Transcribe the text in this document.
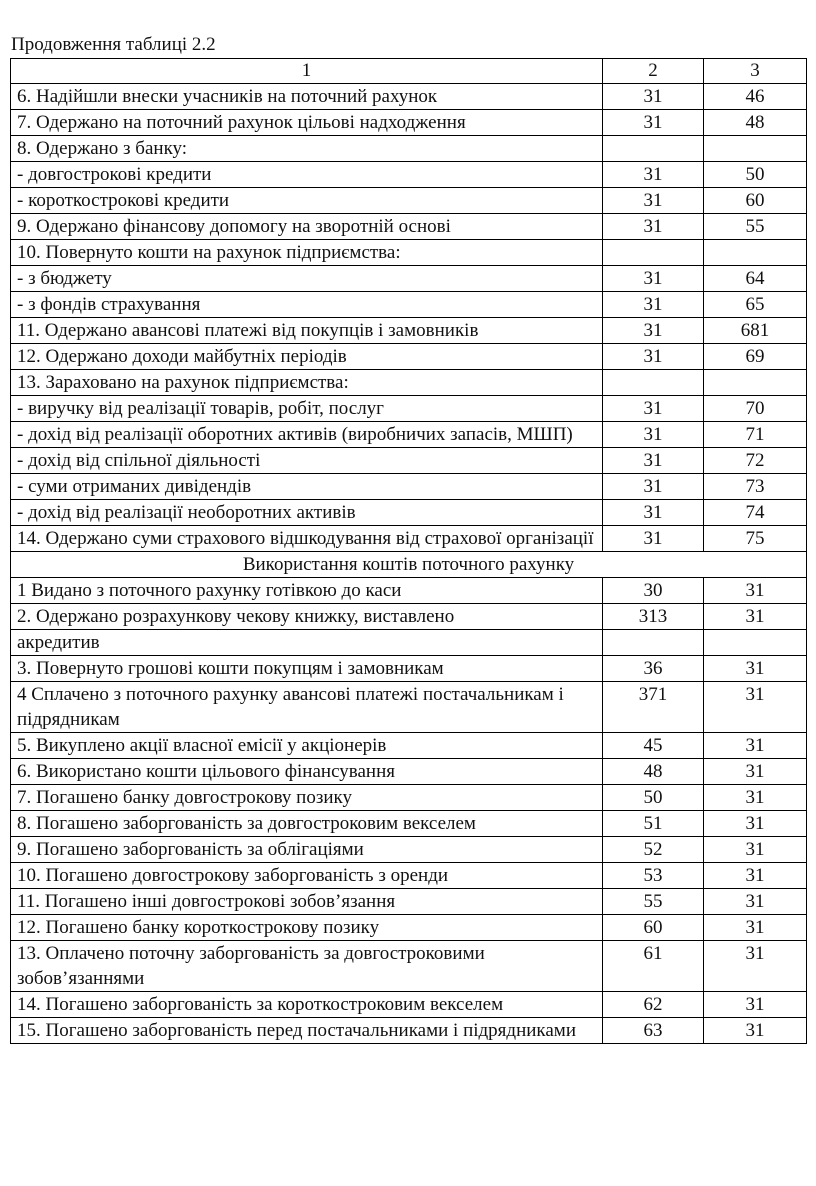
Продовження таблиці 2.2
1	2	3
6. Надійшли внески учасників на поточний рахунок	31	46
7. Одержано на поточний рахунок цільові надходження	31	48
8. Одержано з банку:		
- довгострокові кредити	31	50
- короткострокові кредити	31	60
9. Одержано фінансову допомогу на зворотній основі	31	55
10. Повернуто кошти на рахунок підприємства:		
- з бюджету	31	64
- з фондів страхування	31	65
11. Одержано авансові платежі від покупців і замовників	31	681
12. Одержано доходи майбутніх періодів	31	69
13. Зараховано на рахунок підприємства:		
- виручку від реалізації товарів, робіт, послуг	31	70
- дохід від реалізації оборотних активів (виробничих запасів, МШП)	31	71
- дохід від спільної діяльності	31	72
- суми отриманих дивідендів	31	73
- дохід від реалізації необоротних активів	31	74
14. Одержано суми страхового відшкодування від страхової організації	31	75
Використання коштів поточного рахунку		
1 Видано з поточного рахунку готівкою до каси	30	31
2. Одержано розрахункову чекову книжку, виставлено	313	31
акредитив		
3. Повернуто грошові кошти покупцям і замовникам	36	31
4 Сплачено з поточного рахунку авансові платежі постачальникам і підрядникам	371	31
5. Викуплено акції власної емісії у акціонерів	45	31
6. Використано кошти цільового фінансування	48	31
7. Погашено банку довгострокову позику	50	31
8. Погашено заборгованість за довгостроковим векселем	51	31
9. Погашено заборгованість за облігаціями	52	31
10. Погашено довгострокову заборгованість з оренди	53	31
11. Погашено інші довгострокові зобов’язання	55	31
12. Погашено банку короткострокову позику	60	31
13. Оплачено поточну заборгованість за довгостроковими зобов’язаннями	61	31
14. Погашено заборгованість за короткостроковим векселем	62	31
15. Погашено заборгованість перед постачальниками і підрядниками	63	31
